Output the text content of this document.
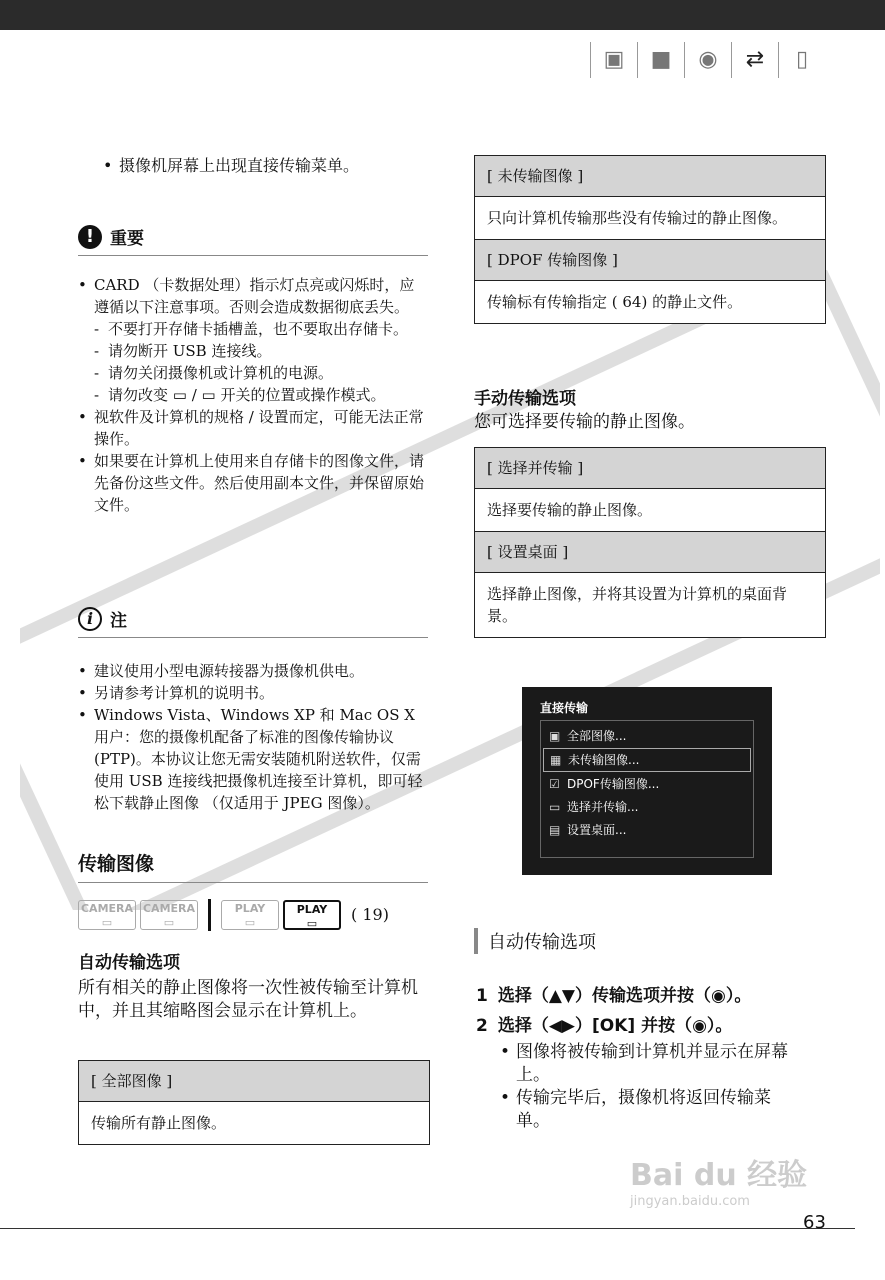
▣	■	◉	⇄	▯
• 摄像机屏幕上出现直接传输菜单。
! 重要
• CARD （卡数据处理）指示灯点亮或闪烁时，应遵循以下注意事项。否则会造成数据彻底丢失。
- 不要打开存储卡插槽盖，也不要取出存储卡。
- 请勿断开 USB 连接线。
- 请勿关闭摄像机或计算机的电源。
- 请勿改变 ▭ / ▭ 开关的位置或操作模式。
• 视软件及计算机的规格 / 设置而定，可能无法正常操作。
• 如果要在计算机上使用来自存储卡的图像文件，请先备份这些文件。然后使用副本文件，并保留原始文件。
i 注
• 建议使用小型电源转接器为摄像机供电。
• 另请参考计算机的说明书。
• Windows Vista、Windows XP 和 Mac OS X 用户：您的摄像机配备了标准的图像传输协议 (PTP)。本协议让您无需安装随机附送软件，仅需使用 USB 连接线把摄像机连接至计算机，即可轻松下载静止图像 （仅适用于 JPEG 图像）。
传输图像
CAMERA
▭
CAMERA
▭
PLAY
▭
PLAY
▭	( 19)
自动传输选项
所有相关的静止图像将一次性被传输至计算机中，并且其缩略图会显示在计算机上。
[ 全部图像 ]
传输所有静止图像。
[ 未传输图像 ]
只向计算机传输那些没有传输过的静止图像。
[ DPOF 传输图像 ]
传输标有传输指定 ( 64) 的静止文件。
手动传输选项
您可选择要传输的静止图像。
[ 选择并传输 ]
选择要传输的静止图像。
[ 设置桌面 ]
选择静止图像，并将其设置为计算机的桌面背景。
直接传输
▣ 全部图像...
▦ 未传输图像...
☑ DPOF传输图像...
▭ 选择并传输...
▤ 设置桌面...
自动传输选项
1 选择（▲▼）传输选项并按（◉）。
2 选择（◀▶）[OK] 并按（◉）。
• 图像将被传输到计算机并显示在屏幕上。
• 传输完毕后，摄像机将返回传输菜单。
63
Bai du 经验
jingyan.baidu.com
